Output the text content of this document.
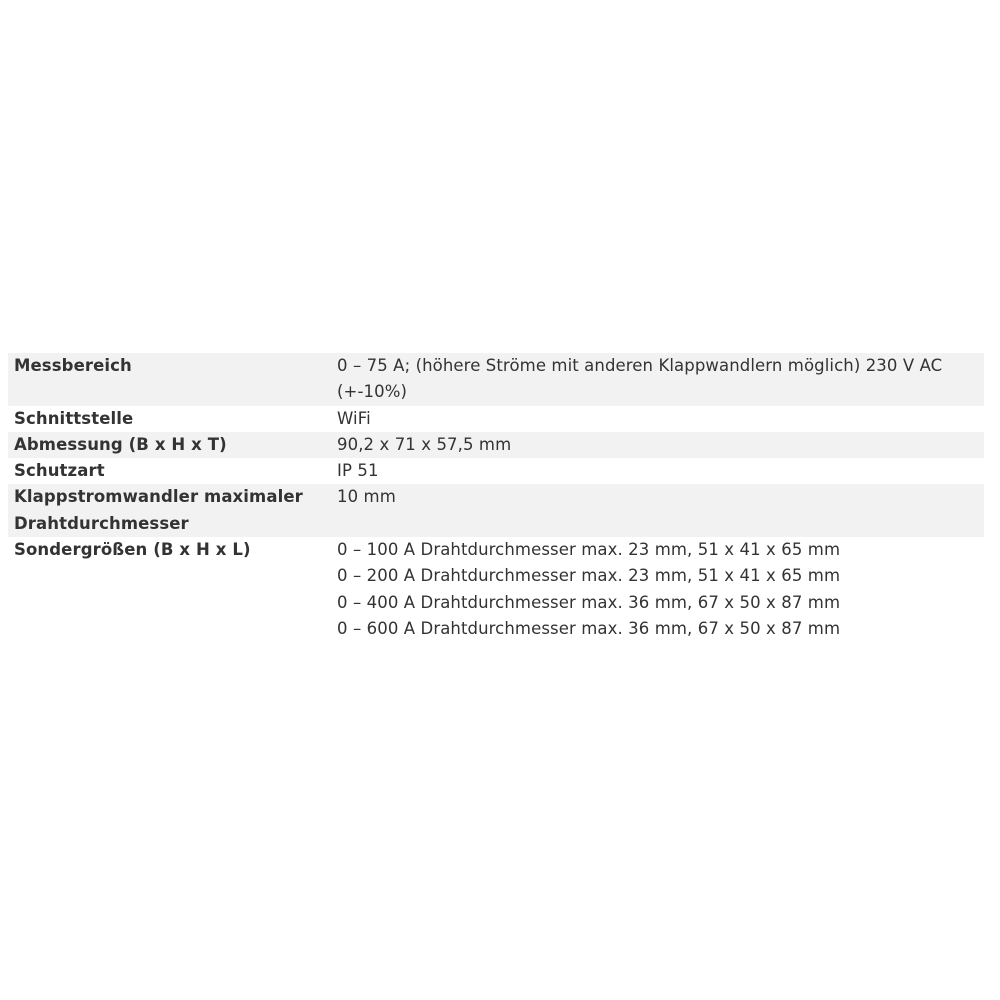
Messbereich	0 – 75 A; (höhere Ströme mit anderen Klappwandlern möglich) 230 V AC (+-10%)
Schnittstelle	WiFi
Abmessung (B x H x T)	90,2 x 71 x 57,5 mm
Schutzart	IP 51
Klappstromwandler maximaler Drahtdurchmesser	10 mm
Sondergrößen (B x H x L)	0 – 100 A Drahtdurchmesser max. 23 mm, 51 x 41 x 65 mm
0 – 200 A Drahtdurchmesser max. 23 mm, 51 x 41 x 65 mm
0 – 400 A Drahtdurchmesser max. 36 mm, 67 x 50 x 87 mm
0 – 600 A Drahtdurchmesser max. 36 mm, 67 x 50 x 87 mm
